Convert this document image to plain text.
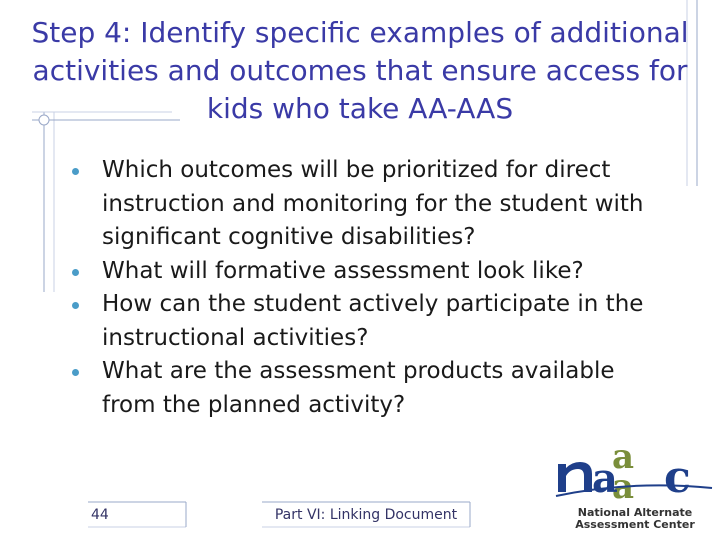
Step 4: Identify specific examples of additional activities and outcomes that ensure access for kids who take AA-AAS
Which outcomes will be prioritized for direct instruction and monitoring for the student with significant cognitive disabilities?
What will formative assessment look like?
How can the student actively participate in the instructional activities?
What are the assessment products available from the planned activity?
44	Part VI: Linking Document
a
a
a c
National Alternate
Assessment Center
